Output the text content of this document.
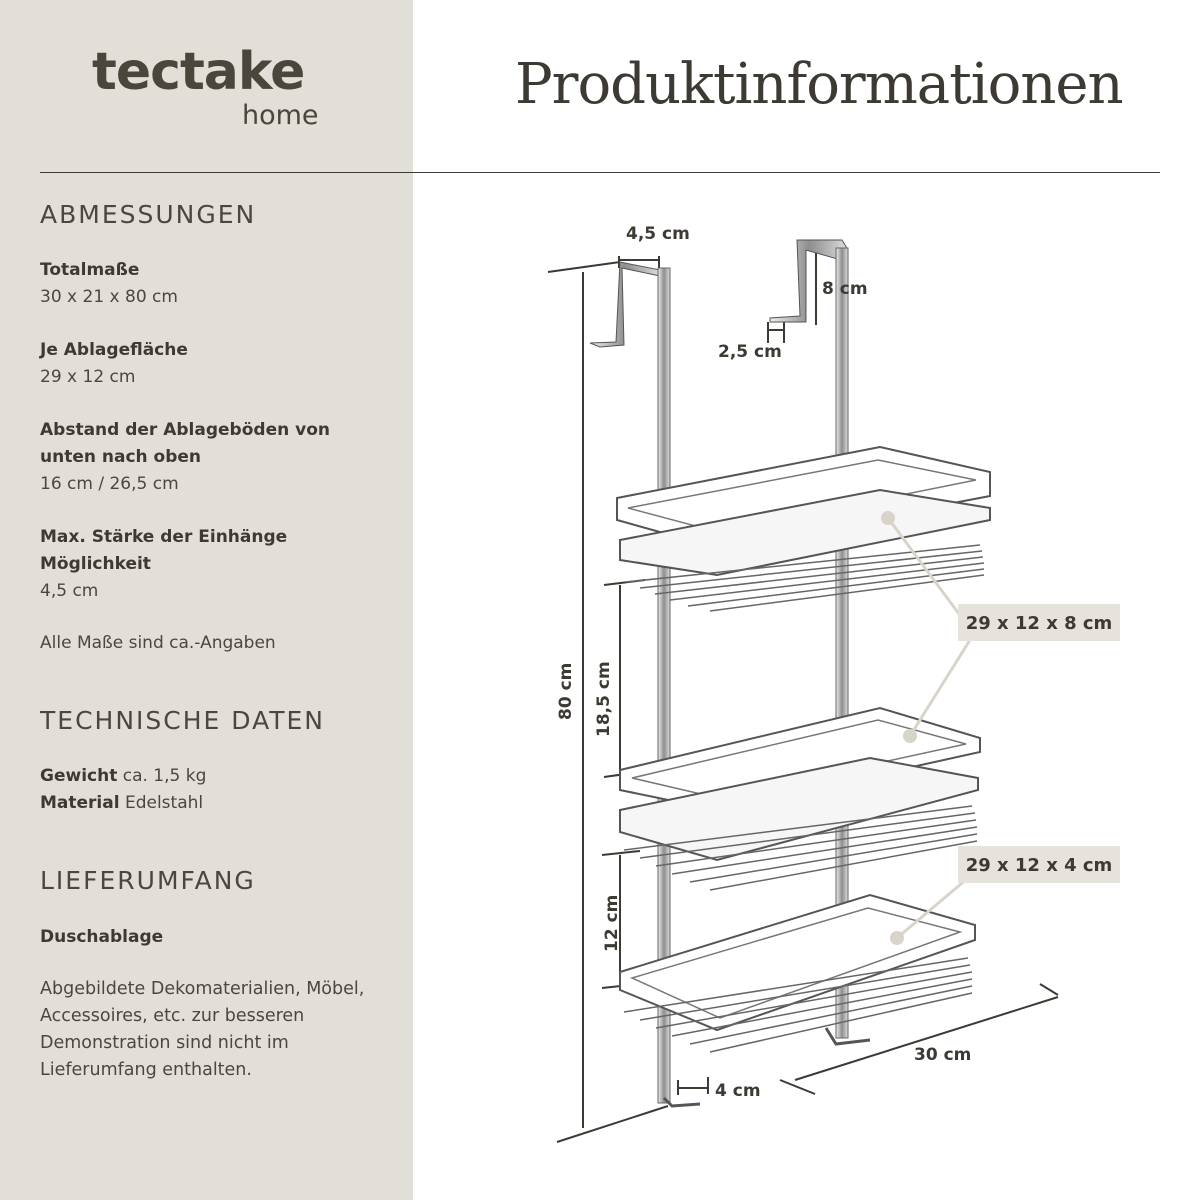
tectake
home	Produktinformationen
ABMESSUNGEN
Totalmaße
30 x 21 x 80 cm
Je Ablagefläche
29 x 12 cm
Abstand der Ablageböden von unten nach oben
16 cm / 26,5 cm
Max. Stärke der Einhänge Möglichkeit
4,5 cm
Alle Maße sind ca.-Angaben
TECHNISCHE DATEN
Gewicht ca. 1,5 kg
Material Edelstahl
LIEFERUMFANG
Duschablage
Abgebildete Dekomaterialien, Möbel, Accessoires, etc. zur besseren Demonstration sind nicht im Lieferumfang enthalten.
29 x 12 x 8 cm
29 x 12 x 4 cm
4,5 cm
8 cm
2,5 cm
80 cm 18,5 cm
12 cm
30 cm
4 cm
